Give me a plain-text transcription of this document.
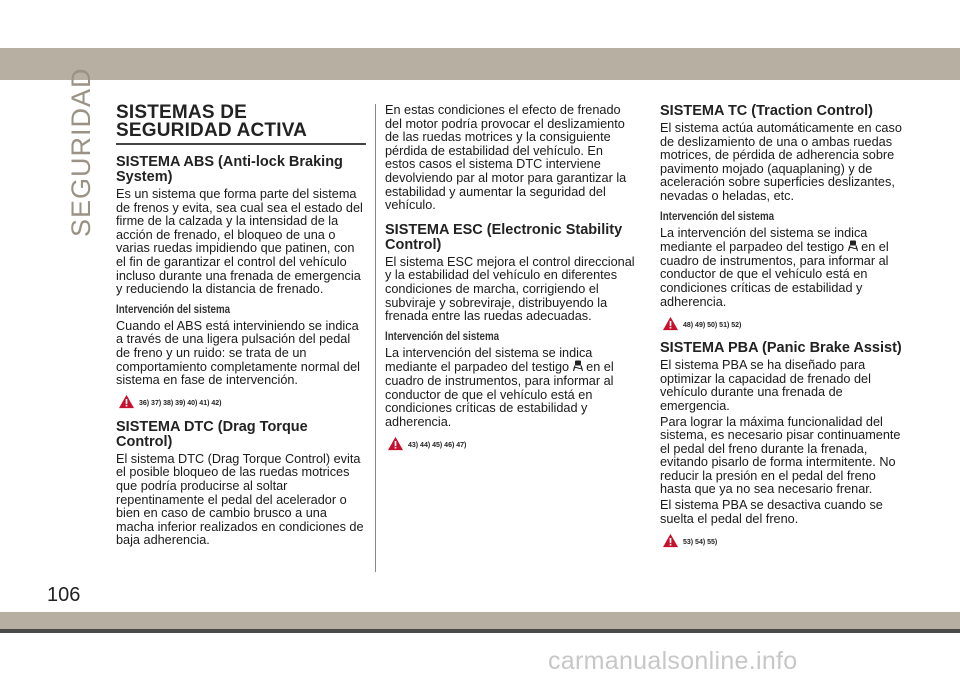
SEGURIDAD SISTEMAS DE SEGURIDAD ACTIVA
SISTEMA ABS (Anti-lock Braking System)

Es un sistema que forma parte del sistema de frenos y evita, sea cual sea el estado del firme de la calzada y la intensidad de la acción de frenado, el bloqueo de una o varias ruedas impidiendo que patinen, con el fin de garantizar el control del vehículo incluso durante una frenada de emergencia y reduciendo la distancia de frenado.

Intervención del sistema

Cuando el ABS está interviniendo se indica a través de una ligera pulsación del pedal de freno y un ruido: se trata de un comportamiento completamente normal del sistema en fase de intervención.

36) 37) 38) 39) 40) 41) 42)
SISTEMA DTC (Drag Torque Control)

El sistema DTC (Drag Torque Control) evita el posible bloqueo de las ruedas motrices que podría producirse al soltar repentinamente el pedal del acelerador o bien en caso de cambio brusco a una macha inferior realizados en condiciones de baja adherencia.

En estas condiciones el efecto de frenado del motor podría provocar el deslizamiento de las ruedas motrices y la consiguiente pérdida de estabilidad del vehículo. En estos casos el sistema DTC interviene devolviendo par al motor para garantizar la estabilidad y aumentar la seguridad del vehículo.

SISTEMA ESC (Electronic Stability Control)

El sistema ESC mejora el control direccional y la estabilidad del vehículo en diferentes condiciones de marcha, corrigiendo el subviraje y sobreviraje, distribuyendo la frenada entre las ruedas adecuadas.

Intervención del sistema

La intervención del sistema se indica mediante el parpadeo del testigo en el cuadro de instrumentos, para informar al conductor de que el vehículo está en condiciones críticas de estabilidad y adherencia.

43) 44) 45) 46) 47)
SISTEMA TC (Traction Control)

El sistema actúa automáticamente en caso de deslizamiento de una o ambas ruedas motrices, de pérdida de adherencia sobre pavimento mojado (aquaplaning) y de aceleración sobre superficies deslizantes, nevadas o heladas, etc.

Intervención del sistema

La intervención del sistema se indica mediante el parpadeo del testigo en el cuadro de instrumentos, para informar al conductor de que el vehículo está en condiciones críticas de estabilidad y adherencia.

48) 49) 50) 51) 52)
SISTEMA PBA (Panic Brake Assist)

El sistema PBA se ha diseñado para optimizar la capacidad de frenado del vehículo durante una frenada de emergencia.

Para lograr la máxima funcionalidad del sistema, es necesario pisar continuamente el pedal del freno durante la frenada, evitando pisarlo de forma intermitente. No reducir la presión en el pedal del freno hasta que ya no sea necesario frenar.

El sistema PBA se desactiva cuando se suelta el pedal del freno.

53) 54) 55)
106
carmanualsonline.info
